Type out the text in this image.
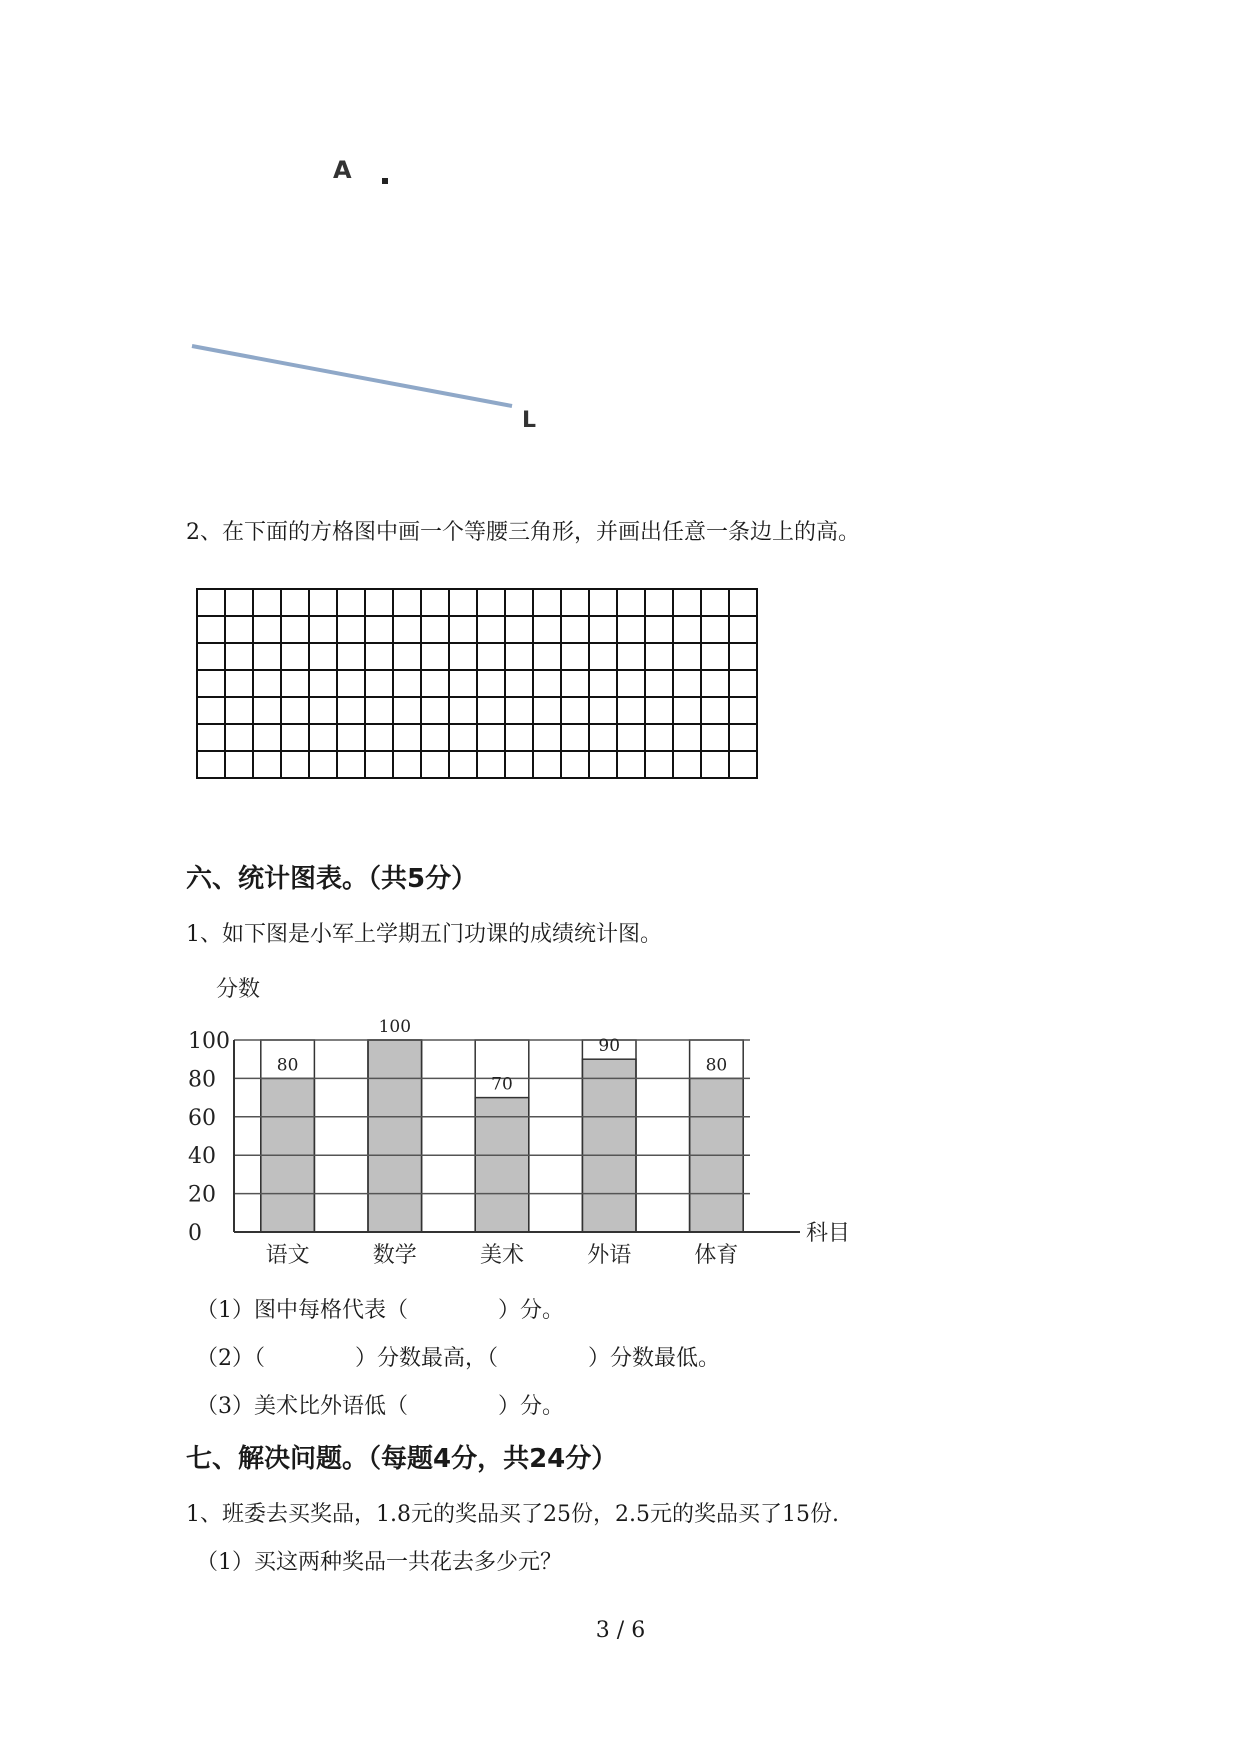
A
L
2、在下面的方格图中画一个等腰三角形，并画出任意一条边上的高。

六、统计图表。（共5分）
1、如下图是小军上学期五门功课的成绩统计图。
0
20
40
60
80
100
80
100
70
90
80
语文	数学	美术	外语	体育
分数
科目
（1）图中每格代表（	）分。
（2）（	）分数最高，（	）分数最低。
（3）美术比外语低（	）分。
七、解决问题。（每题4分，共24分）
1、班委去买奖品，1.8元的奖品买了25份，2.5元的奖品买了15份.
（1）买这两种奖品一共花去多少元？
3 / 6
